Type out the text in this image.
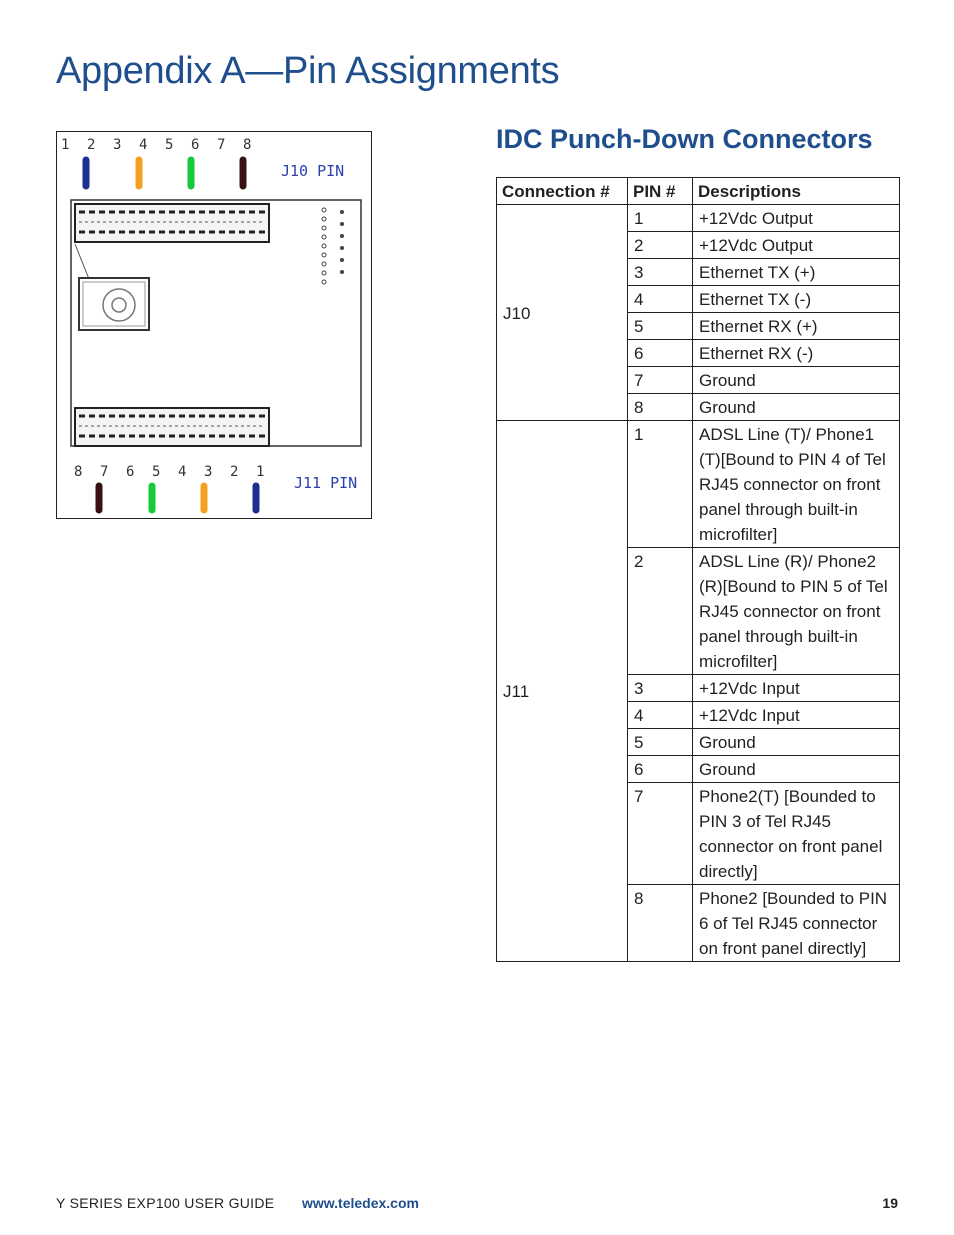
Appendix A—Pin Assignments
1 2 3 4 5 6 7 8
J10 PIN
8 7 6 5 4 3 2 1
J11 PIN
IDC Punch-Down Connectors
Connection #	PIN #	Descriptions
J10	1	+12Vdc Output
	2	+12Vdc Output
	3	Ethernet TX (+)
	4	Ethernet TX (-)
	5	Ethernet RX (+)
	6	Ethernet RX (-)
	7	Ground
	8	Ground
J11	1	ADSL Line (T)/ Phone1 (T)[Bound to PIN 4 of Tel RJ45 connector on front panel through built-in microfilter]
	2	ADSL Line (R)/ Phone2 (R)[Bound to PIN 5 of Tel RJ45 connector on front panel through built-in microfilter]
	3	+12Vdc Input
	4	+12Vdc Input
	5	Ground
	6	Ground
	7	Phone2(T) [Bounded to PIN 3 of Tel RJ45 connector on front panel directly]
	8	Phone2 [Bounded to PIN 6 of Tel RJ45 connector on front panel directly]
Y SERIES EXP100 USER GUIDE www.teledex.com	19
